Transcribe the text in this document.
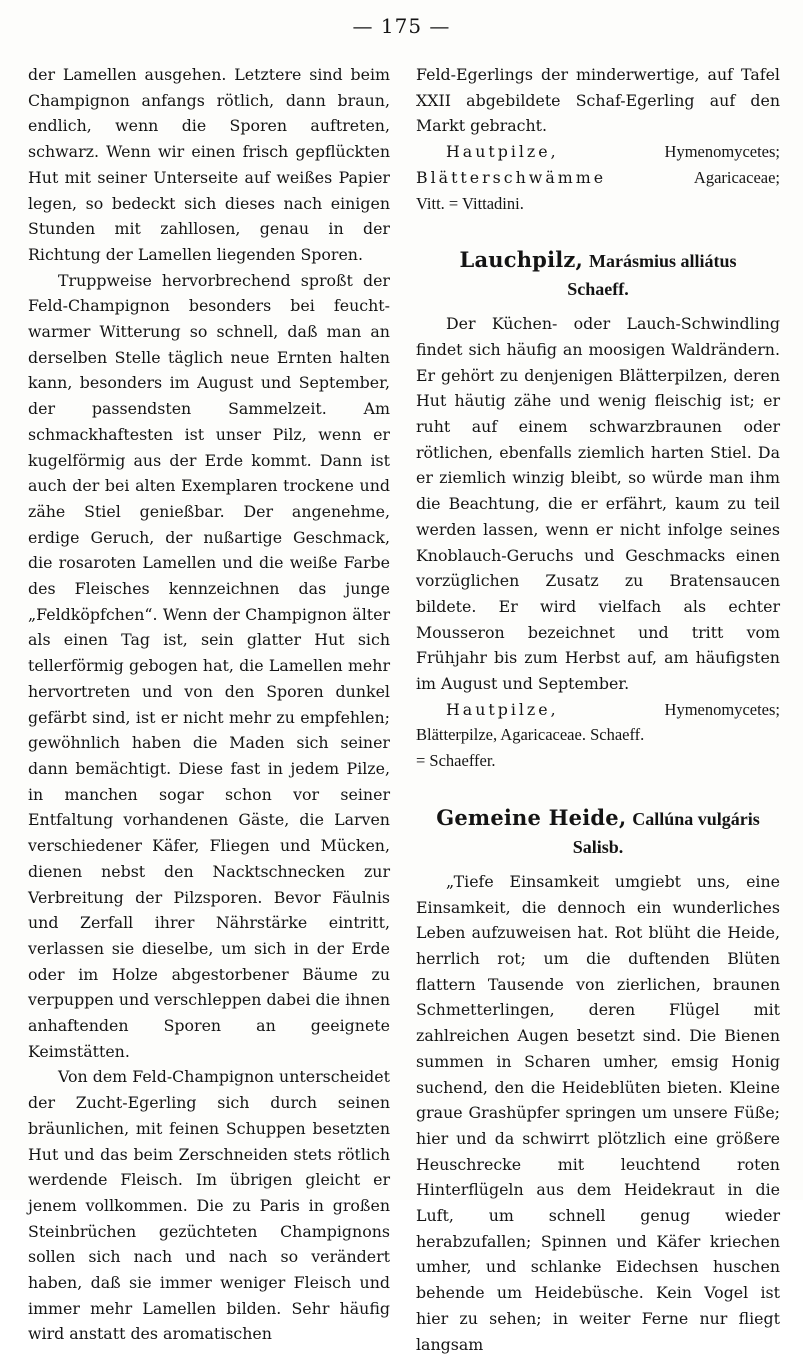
— 175 —

der Lamellen ausgehen. Letztere sind beim Champignon anfangs rötlich, dann braun, endlich, wenn die Sporen auftreten, schwarz. Wenn wir einen frisch gepflückten Hut mit seiner Unterseite auf weißes Papier legen, so bedeckt sich dieses nach einigen Stunden mit zahllosen, genau in der Richtung der Lamellen liegenden Sporen.

Truppweise hervorbrechend sproßt der Feld-Champignon besonders bei feucht-warmer Witterung so schnell, daß man an derselben Stelle täglich neue Ernten halten kann, besonders im August und September, der passendsten Sammelzeit. Am schmackhaftesten ist unser Pilz, wenn er kugelförmig aus der Erde kommt. Dann ist auch der bei alten Exemplaren trockene und zähe Stiel genießbar. Der angenehme, erdige Geruch, der nußartige Geschmack, die rosaroten Lamellen und die weiße Farbe des Fleisches kennzeichnen das junge „Feldköpfchen“. Wenn der Champignon älter als einen Tag ist, sein glatter Hut sich tellerförmig gebogen hat, die Lamellen mehr hervortreten und von den Sporen dunkel gefärbt sind, ist er nicht mehr zu empfehlen; gewöhnlich haben die Maden sich seiner dann bemächtigt. Diese fast in jedem Pilze, in manchen sogar schon vor seiner Entfaltung vorhandenen Gäste, die Larven verschiedener Käfer, Fliegen und Mücken, dienen nebst den Nacktschnecken zur Verbreitung der Pilzsporen. Bevor Fäulnis und Zerfall ihrer Nährstärke eintritt, verlassen sie dieselbe, um sich in der Erde oder im Holze abgestorbener Bäume zu verpuppen und verschleppen dabei die ihnen anhaftenden Sporen an geeignete Keimstätten.

Von dem Feld-Champignon unterscheidet der Zucht-Egerling sich durch seinen bräunlichen, mit feinen Schuppen besetzten Hut und das beim Zerschneiden stets rötlich werdende Fleisch. Im übrigen gleicht er jenem vollkommen. Die zu Paris in großen Steinbrüchen gezüchteten Champignons sollen sich nach und nach so verändert haben, daß sie immer weniger Fleisch und immer mehr Lamellen bilden. Sehr häufig wird anstatt des aromatischen

Feld-Egerlings der minderwertige, auf Tafel XXII abgebildete Schaf-Egerling auf den Markt gebracht.

Hautpilze,	Hymenomycetes;
Blätterschwämme	Agaricaceae;
Vitt. = Vittadini.
Lauchpilz, Marásmius alliátus
Schaeff.

Der Küchen- oder Lauch-Schwindling findet sich häufig an moosigen Waldrändern. Er gehört zu denjenigen Blätterpilzen, deren Hut häutig zähe und wenig fleischig ist; er ruht auf einem schwarzbraunen oder rötlichen, ebenfalls ziemlich harten Stiel. Da er ziemlich winzig bleibt, so würde man ihm die Beachtung, die er erfährt, kaum zu teil werden lassen, wenn er nicht infolge seines Knoblauch-Geruchs und Geschmacks einen vorzüglichen Zusatz zu Bratensaucen bildete. Er wird vielfach als echter Mousseron bezeichnet und tritt vom Frühjahr bis zum Herbst auf, am häufigsten im August und September.

Hautpilze,	Hymenomycetes;
Blätterpilze, Agaricaceae. Schaeff.
= Schaeffer.
Gemeine Heide, Callúna vulgáris
Salisb.

„Tiefe Einsamkeit umgiebt uns, eine Einsamkeit, die dennoch ein wunderliches Leben aufzuweisen hat. Rot blüht die Heide, herrlich rot; um die duftenden Blüten flattern Tausende von zierlichen, braunen Schmetterlingen, deren Flügel mit zahlreichen Augen besetzt sind. Die Bienen summen in Scharen umher, emsig Honig suchend, den die Heideblüten bieten. Kleine graue Grashüpfer springen um unsere Füße; hier und da schwirrt plötzlich eine größere Heuschrecke mit leuchtend roten Hinterflügeln aus dem Heidekraut in die Luft, um schnell genug wieder herabzufallen; Spinnen und Käfer kriechen umher, und schlanke Eidechsen huschen behende um Heidebüsche. Kein Vogel ist hier zu sehen; in weiter Ferne nur fliegt langsam
